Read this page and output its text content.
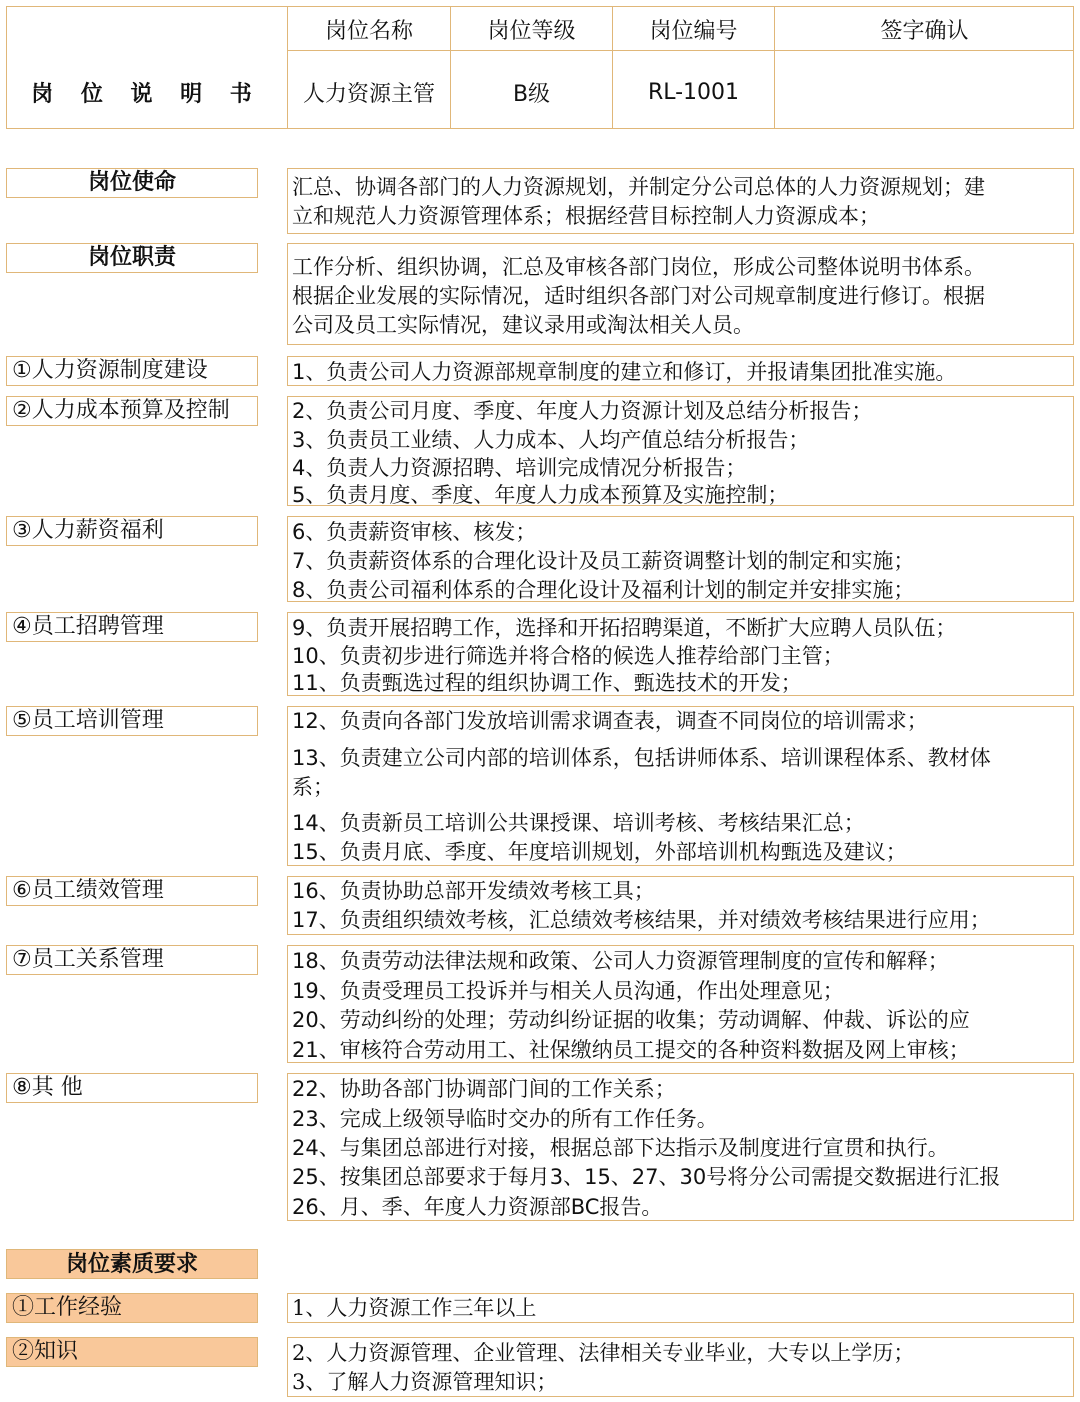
岗 位 说 明 书
岗位名称	岗位等级	岗位编号	签字确认
人力资源主管	B级	RL-1001
岗位使命	汇总、协调各部门的人力资源规划，并制定分公司总体的人力资源规划；建
立和规范人力资源管理体系；根据经营目标控制人力资源成本；
岗位职责	工作分析、组织协调，汇总及审核各部门岗位，形成公司整体说明书体系。
根据企业发展的实际情况，适时组织各部门对公司规章制度进行修订。根据
公司及员工实际情况，建议录用或淘汰相关人员。
①人力资源制度建设	1、负责公司人力资源部规章制度的建立和修订，并报请集团批准实施。
②人力成本预算及控制	2、负责公司月度、季度、年度人力资源计划及总结分析报告；
3、负责员工业绩、人力成本、人均产值总结分析报告；
4、负责人力资源招聘、培训完成情况分析报告；
5、负责月度、季度、年度人力成本预算及实施控制；
③人力薪资福利	6、负责薪资审核、核发；
7、负责薪资体系的合理化设计及员工薪资调整计划的制定和实施；
8、负责公司福利体系的合理化设计及福利计划的制定并安排实施；
④员工招聘管理	9、负责开展招聘工作，选择和开拓招聘渠道，不断扩大应聘人员队伍；
10、负责初步进行筛选并将合格的候选人推荐给部门主管；
11、负责甄选过程的组织协调工作、甄选技术的开发；
⑤员工培训管理	12、负责向各部门发放培训需求调查表，调查不同岗位的培训需求；
13、负责建立公司内部的培训体系，包括讲师体系、培训课程体系、教材体
系；
14、负责新员工培训公共课授课、培训考核、考核结果汇总；
15、负责月底、季度、年度培训规划，外部培训机构甄选及建议；
⑥员工绩效管理	16、负责协助总部开发绩效考核工具；
17、负责组织绩效考核，汇总绩效考核结果，并对绩效考核结果进行应用；
⑦员工关系管理	18、负责劳动法律法规和政策、公司人力资源管理制度的宣传和解释；
19、负责受理员工投诉并与相关人员沟通，作出处理意见；
20、劳动纠纷的处理；劳动纠纷证据的收集；劳动调解、仲裁、诉讼的应
21、审核符合劳动用工、社保缴纳员工提交的各种资料数据及网上审核；
⑧其 他	22、协助各部门协调部门间的工作关系；
23、完成上级领导临时交办的所有工作任务。
24、与集团总部进行对接，根据总部下达指示及制度进行宣贯和执行。
25、按集团总部要求于每月3、15、27、30号将分公司需提交数据进行汇报
26、月、季、年度人力资源部BC报告。
岗位素质要求
①工作经验	1、人力资源工作三年以上
②知识	2、人力资源管理、企业管理、法律相关专业毕业，大专以上学历；
3、了解人力资源管理知识；
